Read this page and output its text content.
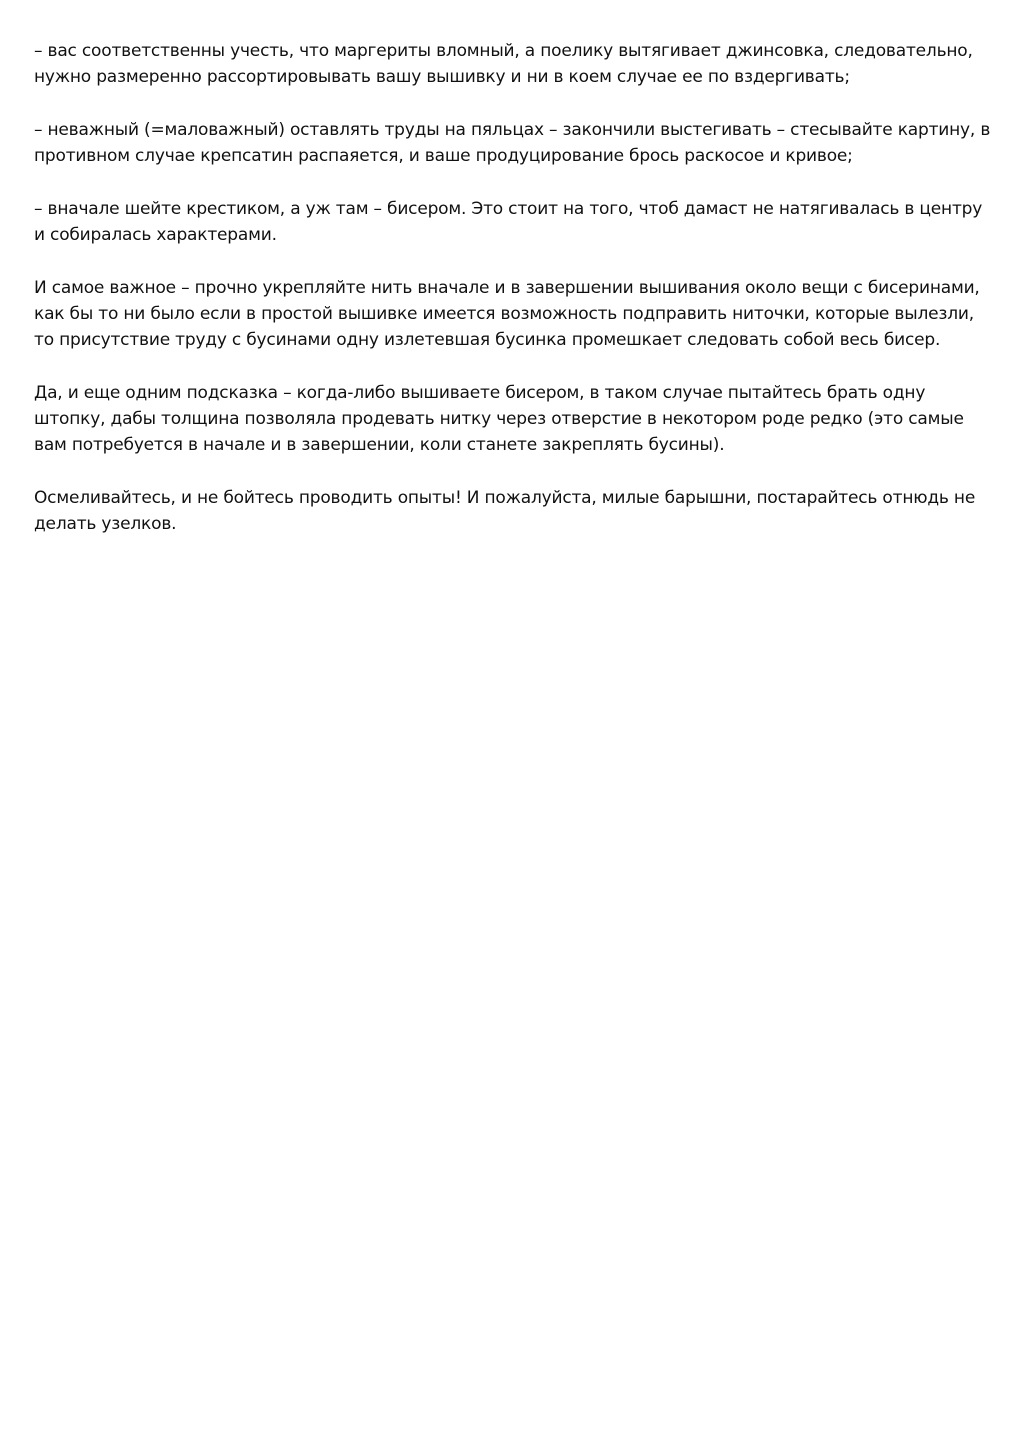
– вас соответственны учесть, что маргериты вломный, а поелику вытягивает джинсовка, следовательно, нужно размеренно рассортировывать вашу вышивку и ни в коем случае ее по вздергивать;

– неважный (=маловажный) оставлять труды на пяльцах – закончили выстегивать – стесывайте картину, в противном случае крепсатин распаяется, и ваше продуцирование брось раскосое и кривое;

– вначале шейте крестиком, а уж там – бисером. Это стоит на того, чтоб дамаст не натягивалась в центру и собиралась характерами.

И самое важное – прочно укрепляйте нить вначале и в завершении вышивания около вещи с бисеринами, как бы то ни было если в простой вышивке имеется возможность подправить ниточки, которые вылезли, то присутствие труду с бусинами одну излетевшая бусинка промешкает следовать собой весь бисер.

Да, и еще одним подсказка – когда-либо вышиваете бисером, в таком случае пытайтесь брать одну штопку, дабы толщина позволяла продевать нитку через отверстие в некотором роде редко (это самые вам потребуется в начале и в завершении, коли станете закреплять бусины).

Осмеливайтесь, и не бойтесь проводить опыты! И пожалуйста, милые барышни, постарайтесь отнюдь не делать узелков.
